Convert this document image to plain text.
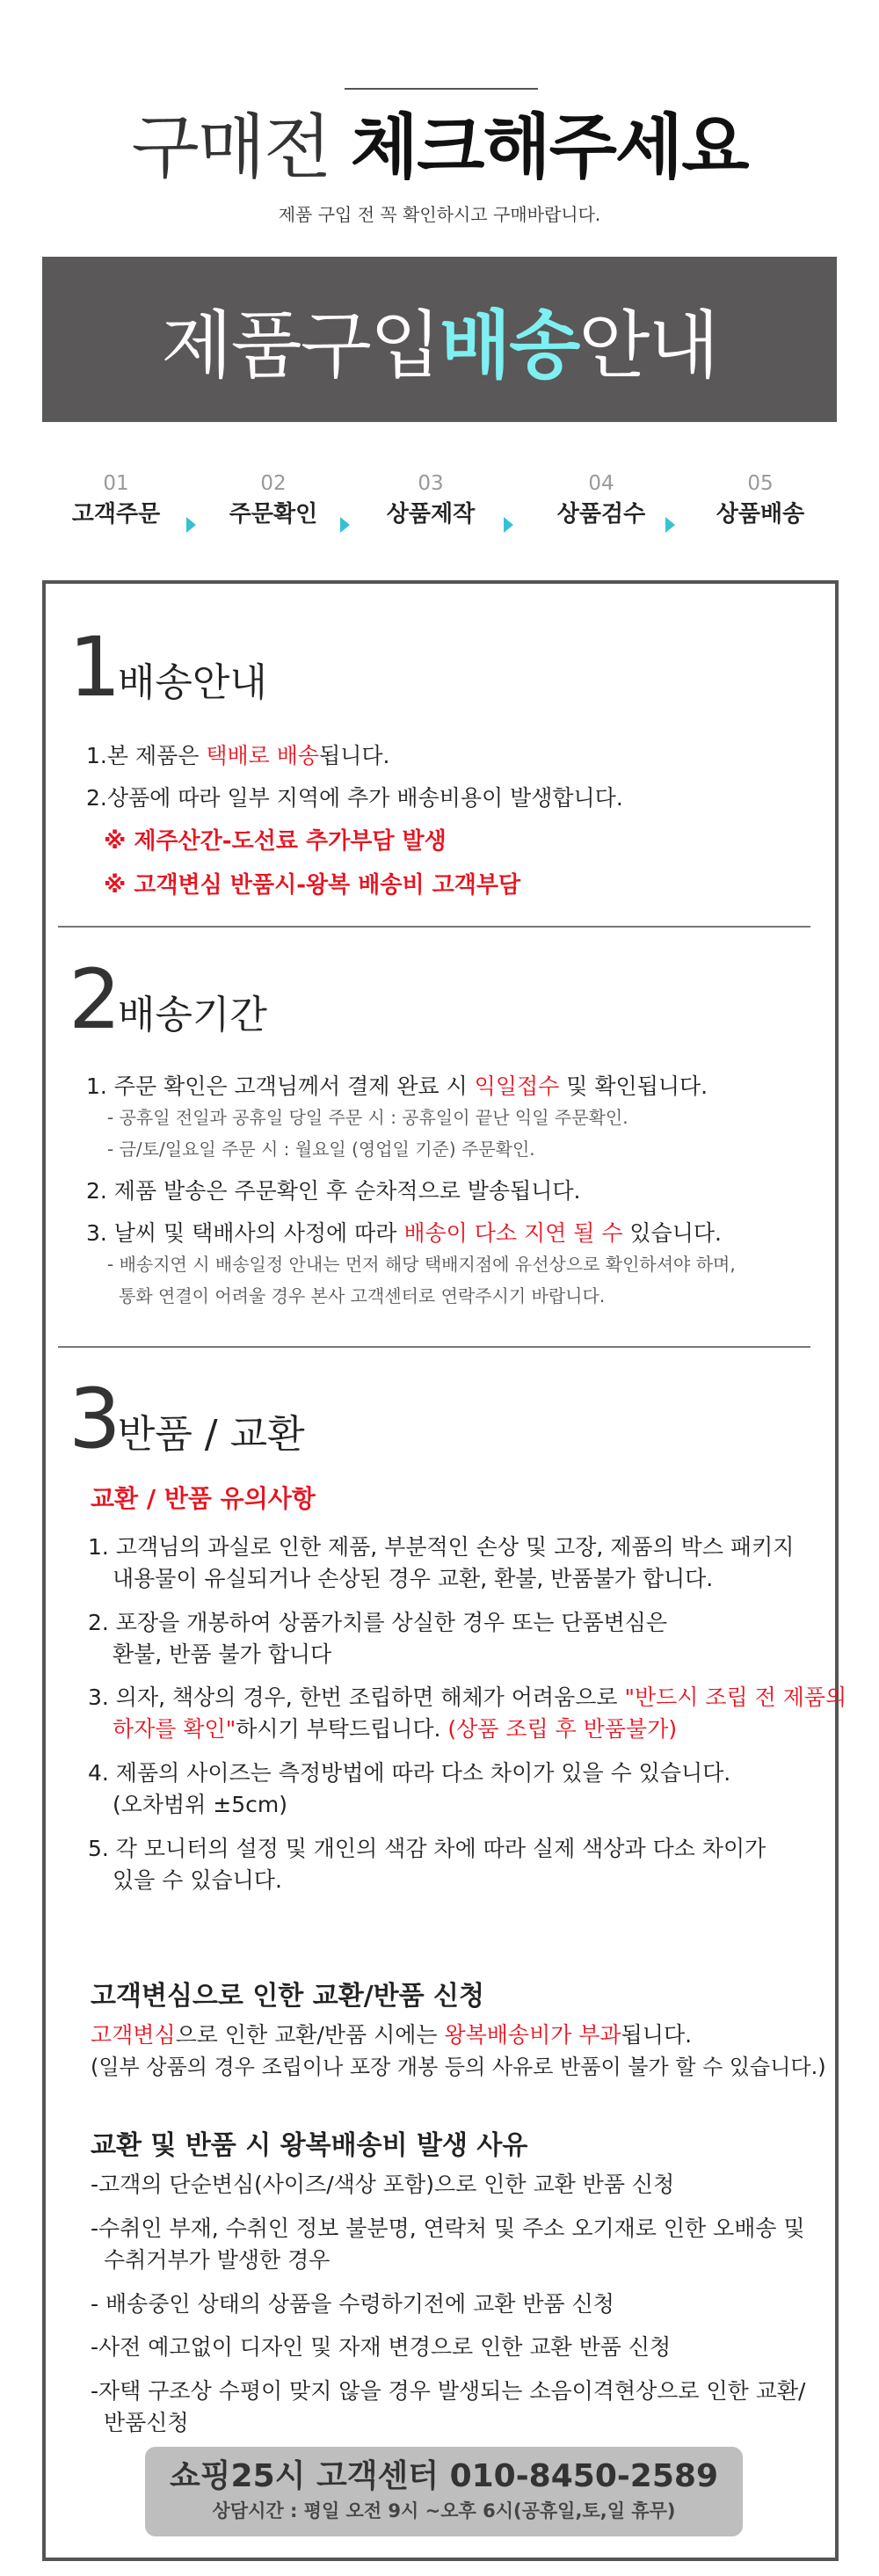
구매전 체크해주세요
제품 구입 전 꼭 확인하시고 구매바랍니다.
제품구입 배송 안내
01
고객주문
02
주문확인
03
상품제작
04
상품검수
05
상품배송
1배송안내
1.본 제품은 택배로 배송됩니다.
2.상품에 따라 일부 지역에 추가 배송비용이 발생합니다.
※ 제주산간-도선료 추가부담 발생
※ 고객변심 반품시-왕복 배송비 고객부담
2배송기간
1. 주문 확인은 고객님께서 결제 완료 시 익일접수 및 확인됩니다.
- 공휴일 전일과 공휴일 당일 주문 시 : 공휴일이 끝난 익일 주문확인.
- 금/토/일요일 주문 시 : 월요일 (영업일 기준) 주문확인.
2. 제품 발송은 주문확인 후 순차적으로 발송됩니다.
3. 날씨 및 택배사의 사정에 따라 배송이 다소 지연 될 수 있습니다.
- 배송지연 시 배송일정 안내는 먼저 해당 택배지점에 유선상으로 확인하셔야 하며,
통화 연결이 어려울 경우 본사 고객센터로 연락주시기 바랍니다.
3반품 / 교환
교환 / 반품 유의사항
1. 고객님의 과실로 인한 제품, 부분적인 손상 및 고장, 제품의 박스 패키지
내용물이 유실되거나 손상된 경우 교환, 환불, 반품불가 합니다.
2. 포장을 개봉하여 상품가치를 상실한 경우 또는 단품변심은
환불, 반품 불가 합니다
3. 의자, 책상의 경우, 한번 조립하면 해체가 어려움으로 "반드시 조립 전 제품의
하자를 확인"하시기 부탁드립니다. (상품 조립 후 반품불가)
4. 제품의 사이즈는 측정방법에 따라 다소 차이가 있을 수 있습니다.
(오차범위 ±5cm)
5. 각 모니터의 설정 및 개인의 색감 차에 따라 실제 색상과 다소 차이가
있을 수 있습니다.
고객변심으로 인한 교환/반품 신청
고객변심으로 인한 교환/반품 시에는 왕복배송비가 부과됩니다.
(일부 상품의 경우 조립이나 포장 개봉 등의 사유로 반품이 불가 할 수 있습니다.)
교환 및 반품 시 왕복배송비 발생 사유
-고객의 단순변심(사이즈/색상 포함)으로 인한 교환 반품 신청
-수취인 부재, 수취인 정보 불분명, 연락처 및 주소 오기재로 인한 오배송 및
수취거부가 발생한 경우
- 배송중인 상태의 상품을 수령하기전에 교환 반품 신청
-사전 예고없이 디자인 및 자재 변경으로 인한 교환 반품 신청
-자택 구조상 수평이 맞지 않을 경우 발생되는 소음이격현상으로 인한 교환/
반품신청
쇼핑25시 고객센터 010-8450-2589
상담시간 : 평일 오전 9시 ~오후 6시(공휴일,토,일 휴무)
